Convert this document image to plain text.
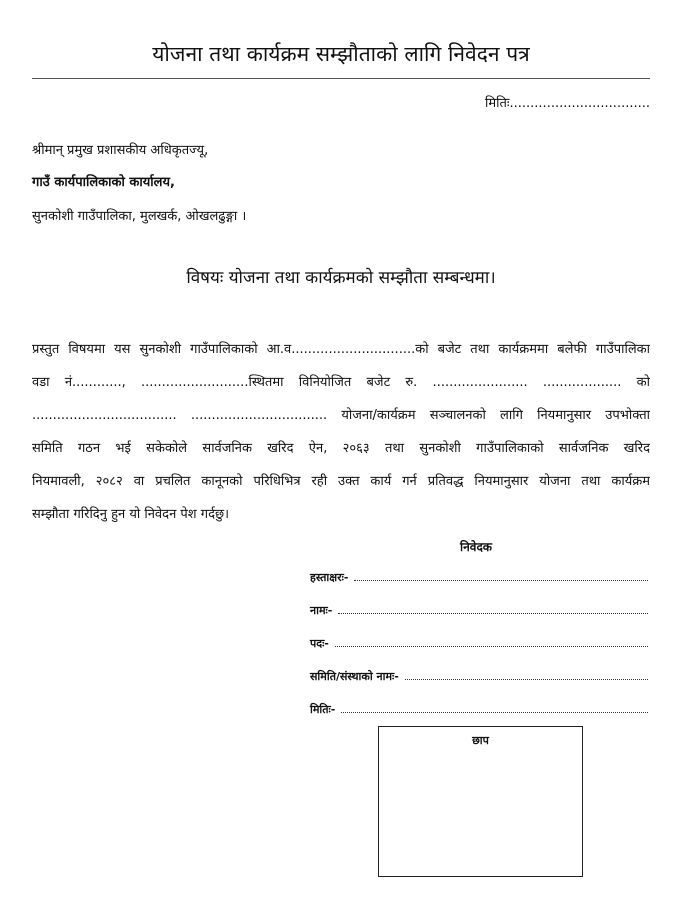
योजना तथा कार्यक्रम सम्झौताको लागि निवेदन पत्र
मितिः..................................
श्रीमान् प्रमुख प्रशासकीय अधिकृतज्यू,
गाउँ कार्यपालिकाको कार्यालय,
सुनकोशी गाउँपालिका, मुलखर्क, ओखलढुङ्गा ।
विषयः योजना तथा कार्यक्रमको सम्झौता सम्बन्धमा।
प्रस्तुत विषयमा यस सुनकोशी गाउँपालिकाको आ.व..............................को बजेट तथा कार्यक्रममा बलेफी गाउँपालिका
वडा नं............, ..........................स्थितमा विनियोजित बजेट रु. ....................... ................... को
................................... ................................. योजना/कार्यक्रम सञ्चालनको लागि नियमानुसार उपभोक्ता
समिति गठन भई सकेकोले सार्वजनिक खरिद ऐन, २०६३ तथा सुनकोशी गाउँपालिकाको सार्वजनिक खरिद
नियमावली, २०८२ वा प्रचलित कानूनको परिधिभित्र रही उक्त कार्य गर्न प्रतिवद्ध नियमानुसार योजना तथा कार्यक्रम
सम्झौता गरिदिनु हुन यो निवेदन पेश गर्दछु।
निवेदक
हस्ताक्षरः-
नामः-
पदः-
समिति/संस्थाको नामः-
मितिः-
छाप
